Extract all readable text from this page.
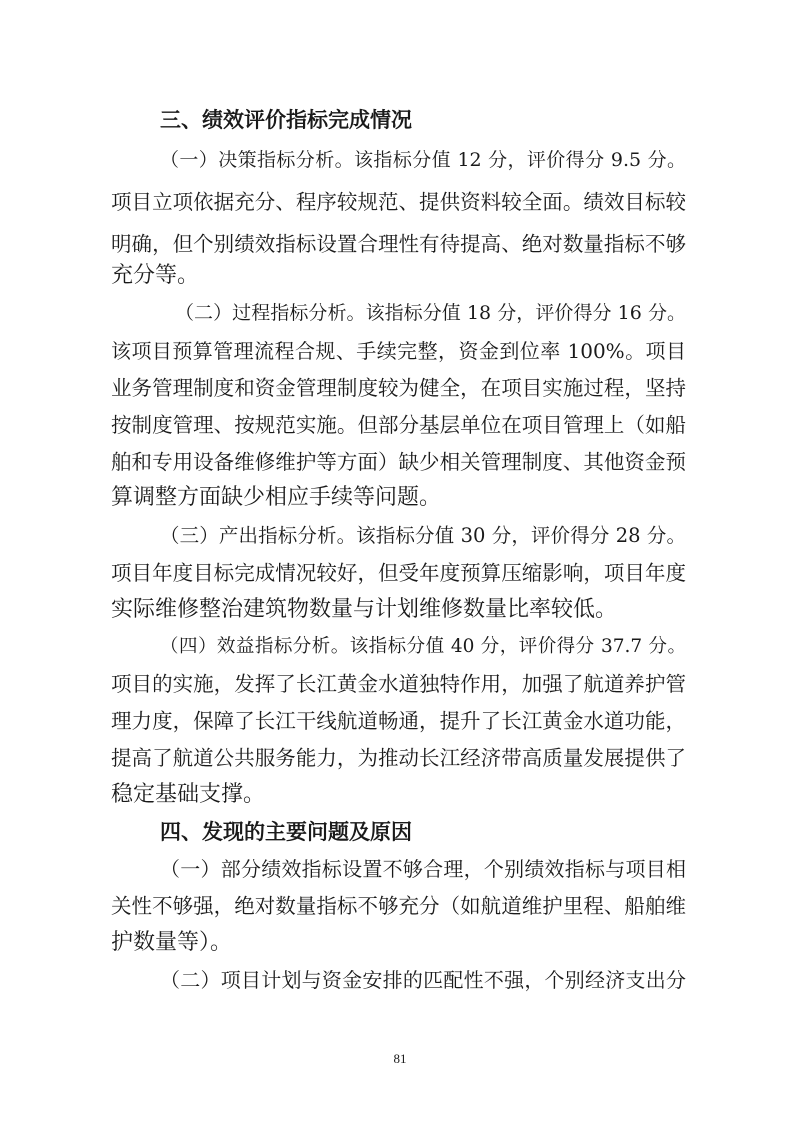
三、绩效评价指标完成情况
（一）决策指标分析。该指标分值 12 分，评价得分 9.5 分。
项目立项依据充分、程序较规范、提供资料较全面。绩效目标较
明确，但个别绩效指标设置合理性有待提高、绝对数量指标不够
充分等。
（二）过程指标分析。该指标分值 18 分，评价得分 16 分。
该项目预算管理流程合规、手续完整，资金到位率 100%。项目
业务管理制度和资金管理制度较为健全，在项目实施过程，坚持
按制度管理、按规范实施。但部分基层单位在项目管理上（如船
舶和专用设备维修维护等方面）缺少相关管理制度、其他资金预
算调整方面缺少相应手续等问题。
（三）产出指标分析。该指标分值 30 分，评价得分 28 分。
项目年度目标完成情况较好，但受年度预算压缩影响，项目年度
实际维修整治建筑物数量与计划维修数量比率较低。
（四）效益指标分析。该指标分值 40 分，评价得分 37.7 分。
项目的实施，发挥了长江黄金水道独特作用，加强了航道养护管
理力度，保障了长江干线航道畅通，提升了长江黄金水道功能，
提高了航道公共服务能力，为推动长江经济带高质量发展提供了
稳定基础支撑。
四、发现的主要问题及原因
（一）部分绩效指标设置不够合理，个别绩效指标与项目相
关性不够强，绝对数量指标不够充分（如航道维护里程、船舶维
护数量等）。
（二）项目计划与资金安排的匹配性不强，个别经济支出分
81
